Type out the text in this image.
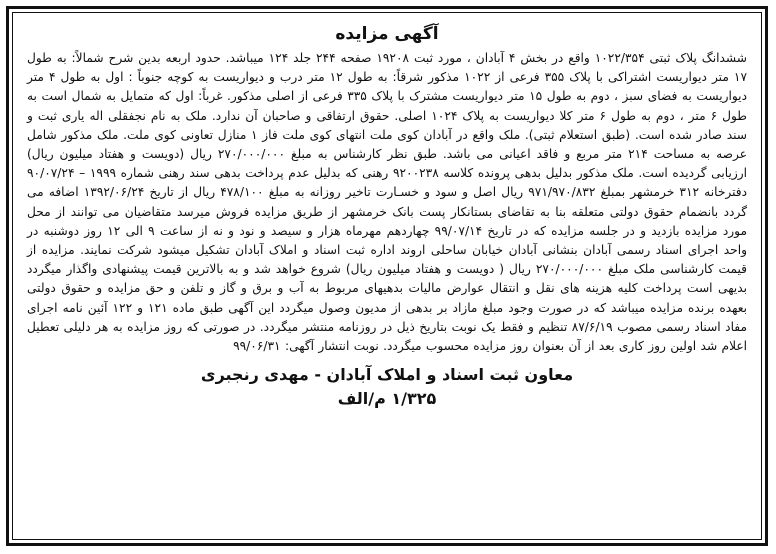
آگهی مزایده

ششدانگ پلاک ثبتی ۱۰۲۲/۳۵۴ واقع در بخش ۴ آبادان ، مورد ثبت ۱۹۲۰۸ صفحه ۲۴۴ جلد ۱۲۴ میباشد. حدود اربعه بدین شرح شمالاً: به طول ۱۷ متر دیواریست اشتراکی با پلاک ۳۵۵ فرعی از ۱۰۲۲ مذکور شرقاً: به طول ۱۲ متر درب و دیواریست به کوچه جنوباً : اول به طول ۴ متر دیواریست به فضای سبز ، دوم به طول ۱۵ متر دیواریست مشترک با پلاک ۳۳۵ فرعی از اصلی مذکور. غرباً: اول که متمایل به شمال است به طول ۶ متر ، دوم به طول ۶ متر کلا دیواریست به پلاک ۱۰۲۴ اصلی. حقوق ارتفاقی و صاحبان آن ندارد. ملک به نام نجفقلی اله یاری ثبت و سند صادر شده است. (طبق استعلام ثبتی). ملک واقع در آبادان کوی ملت انتهای کوی ملت فاز ۱ منازل تعاونی کوی ملت. ملک مذکور شامل عرصه به مساحت ۲۱۴ متر مربع و فاقد اعیانی می باشد. طبق نظر کارشناس به مبلغ ۲۷۰/۰۰۰/۰۰۰ ریال (دویست و هفتاد میلیون ریال) ارزیابی گردیده است. ملک مذکور بدلیل بدهی پرونده کلاسه ۹۲۰۰۲۳۸ رهنی که بدلیل عدم پرداخت بدهی سند رهنی شماره ۱۹۹۹ – ۹۰/۰۷/۲۴ دفترخانه ۳۱۲ خرمشهر بمبلغ ۹۷۱/۹۷۰/۸۳۲ ریال اصل و سود و خسـارت تاخیر روزانه به مبلغ ۴۷۸/۱۰۰ ریال از تاریخ ۱۳۹۲/۰۶/۲۴ اضافه می گردد بانضمام حقوق دولتی متعلقه بنا به تقاضای بستانکار پست بانک خرمشهر از طریق مزایده فروش میرسد متقاضیان می توانند از محل مورد مزایده بازدید و در جلسه مزایده که در تاریخ ۹۹/۰۷/۱۴ چهاردهم مهرماه هزار و سیصد و نود و نه از ساعت ۹ الی ۱۲ روز دوشنبه در واحد اجرای اسناد رسمی آبادان بنشانی آبادان خیابان ساحلی اروند اداره ثبت اسناد و املاک آبادان تشکیل میشود شرکت نمایند. مزایده از قیمت کارشناسی ملک مبلغ ۲۷۰/۰۰۰/۰۰۰ ریال ( دویست و هفتاد میلیون ریال) شروع خواهد شد و به بالاترین قیمت پیشنهادی واگذار میگردد بدیهی است پرداخت کلیه هزینه های نقل و انتقال عوارض مالیات بدهیهای مربوط به آب و برق و گاز و تلفن و حق مزایده و حقوق دولتی بعهده برنده مزایده میباشد که در صورت وجود مبلغ مازاد بر بدهی از مدیون وصول میگردد این آگهی طبق ماده ۱۲۱ و ۱۲۲ آئین نامه اجرای مفاد اسناد رسمی مصوب ۸۷/۶/۱۹ تنظیم و فقط یک نوبت بتاریخ ذیل در روزنامه منتشر میگردد. در صورتی که روز مزایده به هر دلیلی تعطیل اعلام شد اولین روز کاری بعد از آن بعنوان روز مزایده محسوب میگردد. نوبت انتشار آگهی: ۹۹/۰۶/۳۱

معاون ثبت اسناد و املاک آبادان - مهدی رنجبری
۱/۳۲۵ م/الف
